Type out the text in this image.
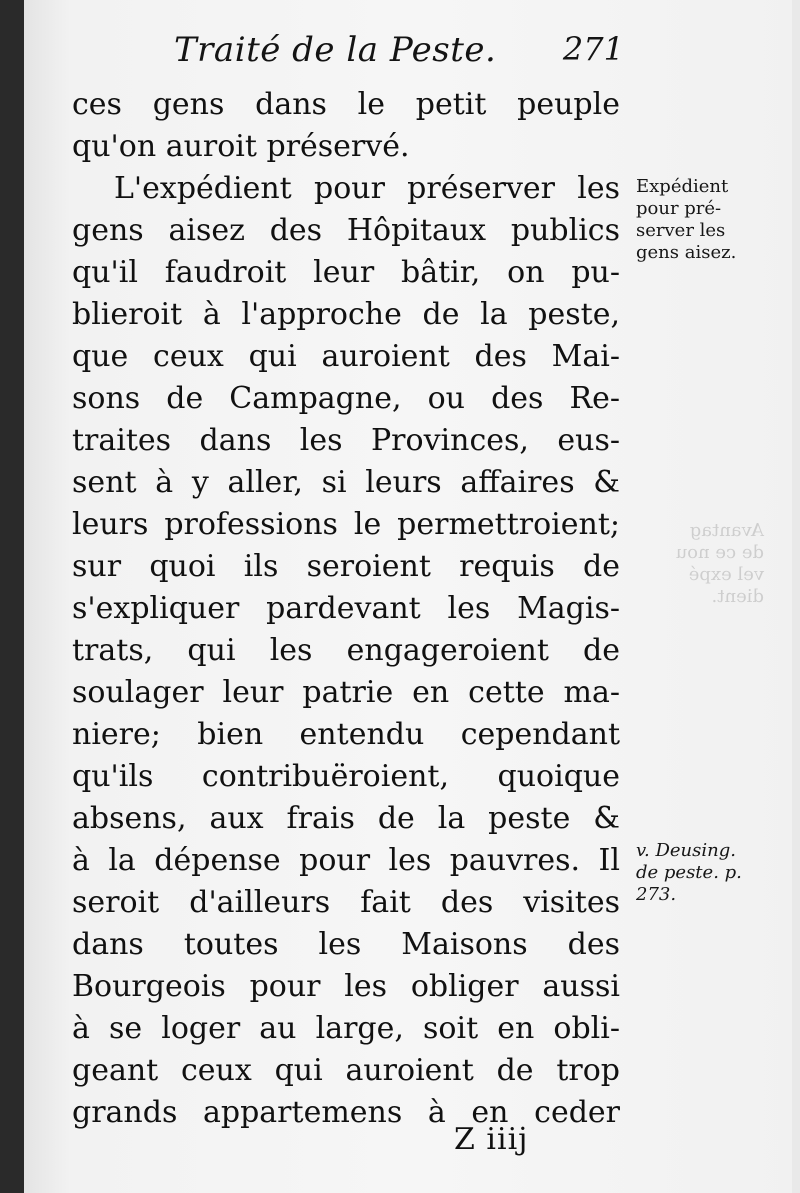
Traité de la Peste. 271
Avantag
de ce nou
vel expé
dient.
ces gens dans le petit peuple
qu'on auroit préservé.
L'expédient pour préserver les
gens aisez des Hôpitaux publics
qu'il faudroit leur bâtir, on pu-
blieroit à l'approche de la peste,
que ceux qui auroient des Mai-
sons de Campagne, ou des Re-
traites dans les Provinces, eus-
sent à y aller, si leurs affaires &
leurs professions le permettroient;
sur quoi ils seroient requis de
s'expliquer pardevant les Magis-
trats, qui les engageroient de
soulager leur patrie en cette ma-
niere; bien entendu cependant
qu'ils contribuëroient, quoique
absens, aux frais de la peste &
à la dépense pour les pauvres. Il
seroit d'ailleurs fait des visites
dans toutes les Maisons des
Bourgeois pour les obliger aussi
à se loger au large, soit en obli-
geant ceux qui auroient de trop
grands appartemens à en ceder
Expédient
pour pré-
server les
gens aisez.
v. Deusing.
de peste. p.
273.
Z iiij
